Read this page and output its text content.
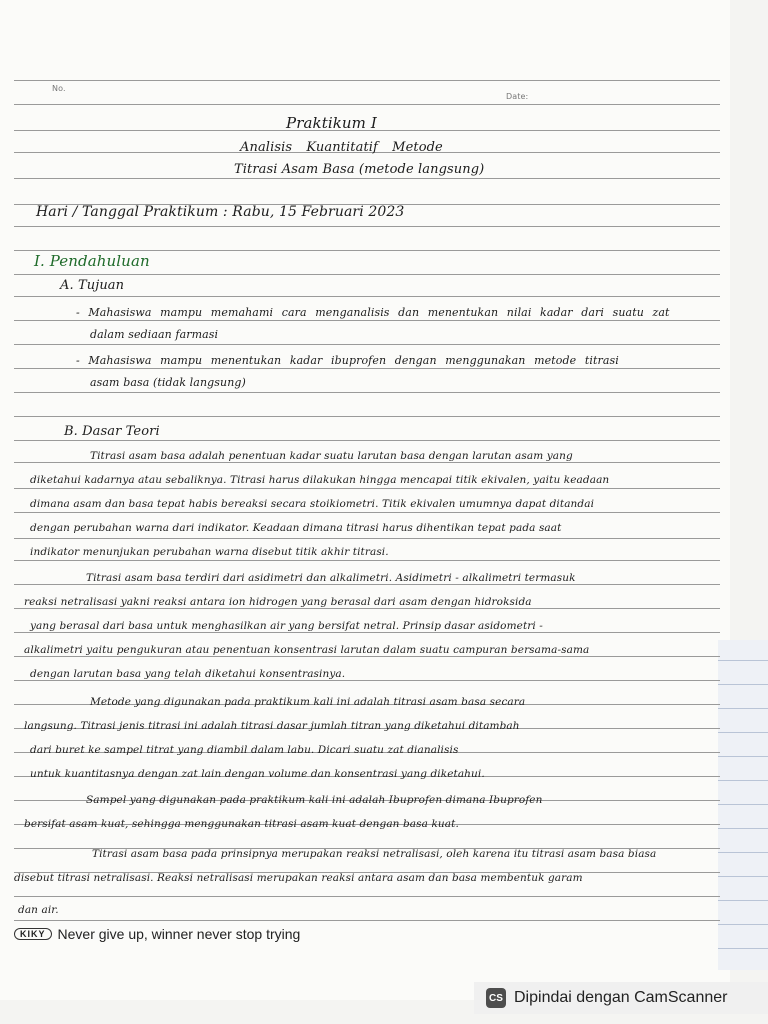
No.
Date:
Praktikum I
Analisis Kuantitatif Metode
Titrasi Asam Basa (metode langsung)
Hari / Tanggal Praktikum : Rabu, 15 Februari 2023
I. Pendahuluan
A. Tujuan
- Mahasiswa mampu memahami cara menganalisis dan menentukan nilai kadar dari suatu zat
dalam sediaan farmasi
- Mahasiswa mampu menentukan kadar ibuprofen dengan menggunakan metode titrasi
asam basa (tidak langsung)
B. Dasar Teori
Titrasi asam basa adalah penentuan kadar suatu larutan basa dengan larutan asam yang
diketahui kadarnya atau sebaliknya. Titrasi harus dilakukan hingga mencapai titik ekivalen, yaitu keadaan
dimana asam dan basa tepat habis bereaksi secara stoikiometri. Titik ekivalen umumnya dapat ditandai
dengan perubahan warna dari indikator. Keadaan dimana titrasi harus dihentikan tepat pada saat
indikator menunjukan perubahan warna disebut titik akhir titrasi.
Titrasi asam basa terdiri dari asidimetri dan alkalimetri. Asidimetri - alkalimetri termasuk
reaksi netralisasi yakni reaksi antara ion hidrogen yang berasal dari asam dengan hidroksida
yang berasal dari basa untuk menghasilkan air yang bersifat netral. Prinsip dasar asidometri -
alkalimetri yaitu pengukuran atau penentuan konsentrasi larutan dalam suatu campuran bersama-sama
dengan larutan basa yang telah diketahui konsentrasinya.
Metode yang digunakan pada praktikum kali ini adalah titrasi asam basa secara
langsung. Titrasi jenis titrasi ini adalah titrasi dasar jumlah titran yang diketahui ditambah
dari buret ke sampel titrat yang diambil dalam labu. Dicari suatu zat dianalisis
untuk kuantitasnya dengan zat lain dengan volume dan konsentrasi yang diketahui.
Sampel yang digunakan pada praktikum kali ini adalah Ibuprofen dimana Ibuprofen
bersifat asam kuat, sehingga menggunakan titrasi asam kuat dengan basa kuat.
Titrasi asam basa pada prinsipnya merupakan reaksi netralisasi, oleh karena itu titrasi asam basa biasa
disebut titrasi netralisasi. Reaksi netralisasi merupakan reaksi antara asam dan basa membentuk garam
dan air.
KIKY Never give up, winner never stop trying
CS Dipindai dengan CamScanner
